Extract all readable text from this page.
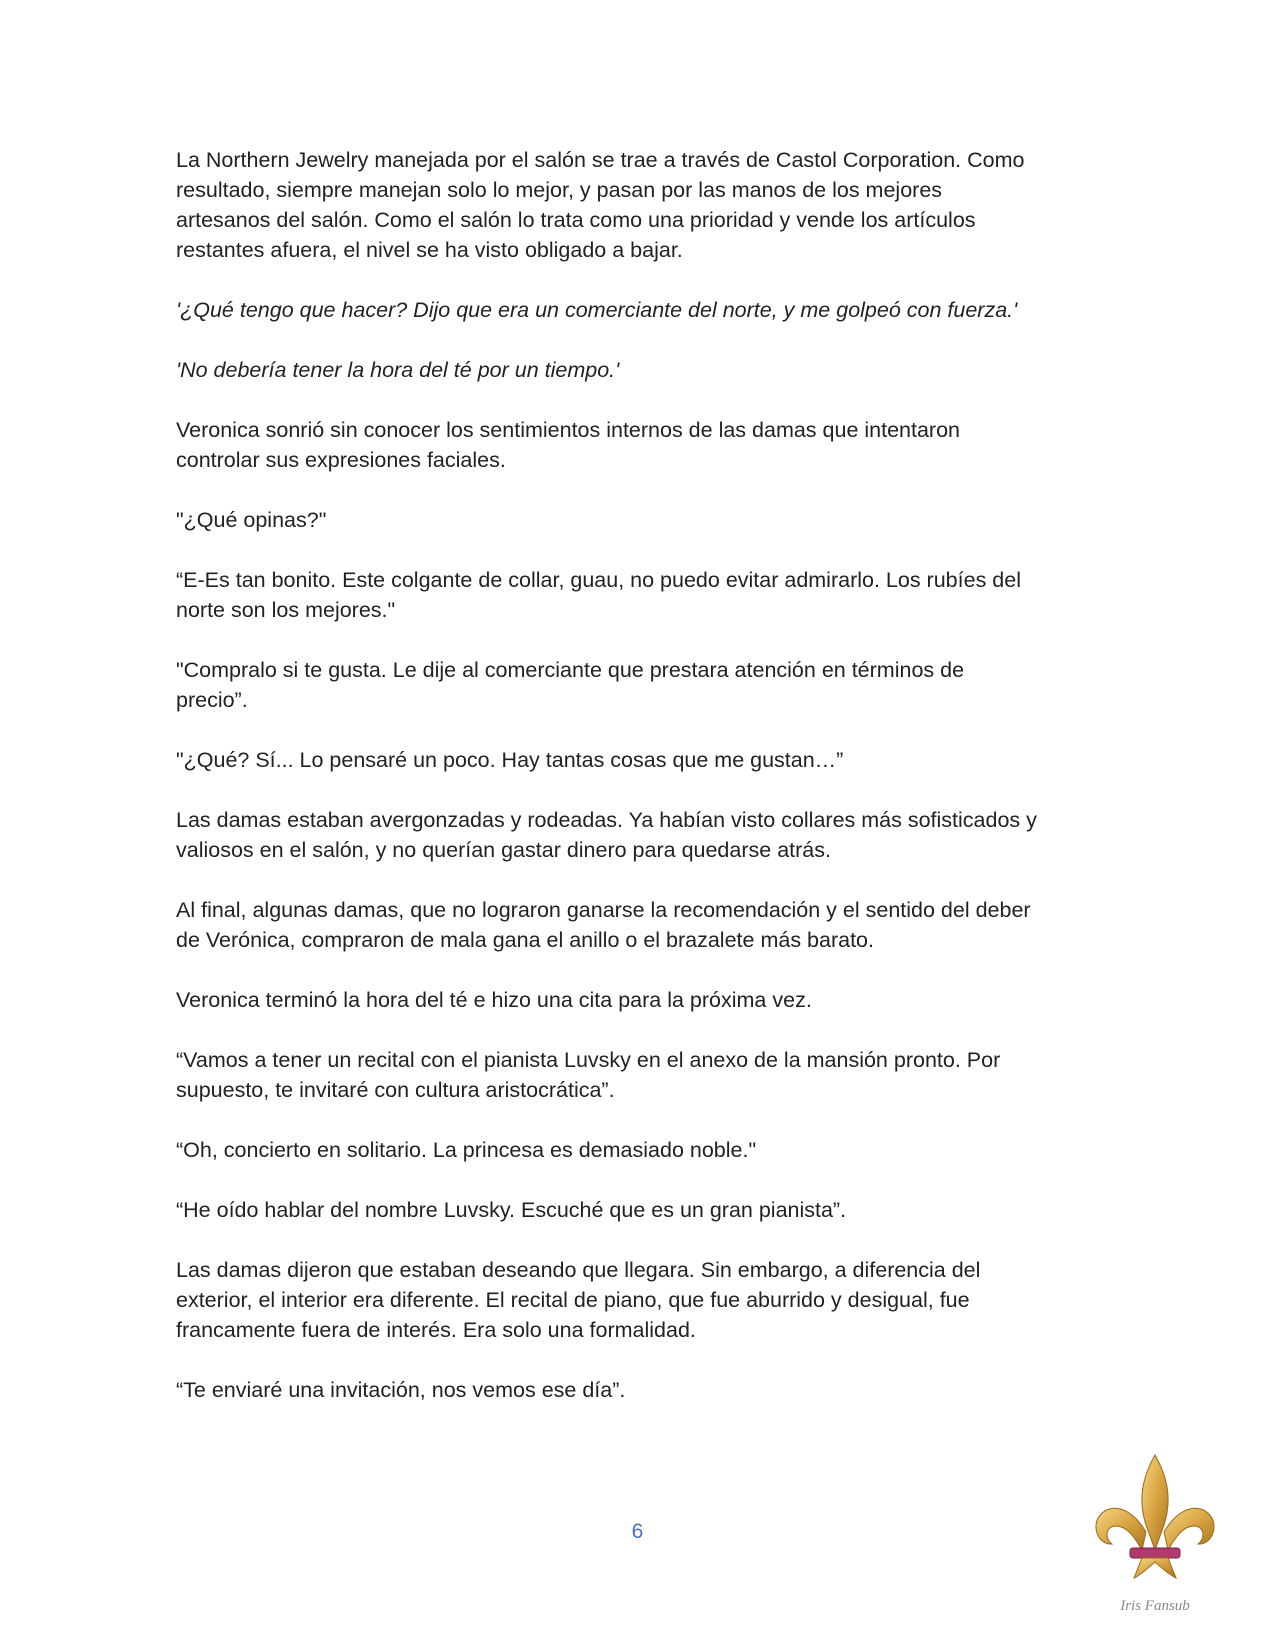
La Northern Jewelry manejada por el salón se trae a través de Castol Corporation. Como
resultado, siempre manejan solo lo mejor, y pasan por las manos de los mejores
artesanos del salón. Como el salón lo trata como una prioridad y vende los artículos
restantes afuera, el nivel se ha visto obligado a bajar.

'¿Qué tengo que hacer? Dijo que era un comerciante del norte, y me golpeó con fuerza.'

'No debería tener la hora del té por un tiempo.'

Veronica sonrió sin conocer los sentimientos internos de las damas que intentaron
controlar sus expresiones faciales.

"¿Qué opinas?"

“E-Es tan bonito. Este colgante de collar, guau, no puedo evitar admirarlo. Los rubíes del
norte son los mejores."

"Compralo si te gusta. Le dije al comerciante que prestara atención en términos de
precio”.

"¿Qué? Sí... Lo pensaré un poco. Hay tantas cosas que me gustan…”

Las damas estaban avergonzadas y rodeadas. Ya habían visto collares más sofisticados y
valiosos en el salón, y no querían gastar dinero para quedarse atrás.

Al final, algunas damas, que no lograron ganarse la recomendación y el sentido del deber
de Verónica, compraron de mala gana el anillo o el brazalete más barato.

Veronica terminó la hora del té e hizo una cita para la próxima vez.

“Vamos a tener un recital con el pianista Luvsky en el anexo de la mansión pronto. Por
supuesto, te invitaré con cultura aristocrática”.

“Oh, concierto en solitario. La princesa es demasiado noble."

“He oído hablar del nombre Luvsky. Escuché que es un gran pianista”.

Las damas dijeron que estaban deseando que llegara. Sin embargo, a diferencia del
exterior, el interior era diferente. El recital de piano, que fue aburrido y desigual, fue
francamente fuera de interés. Era solo una formalidad.

“Te enviaré una invitación, nos vemos ese día”.

6
Iris Fansub
